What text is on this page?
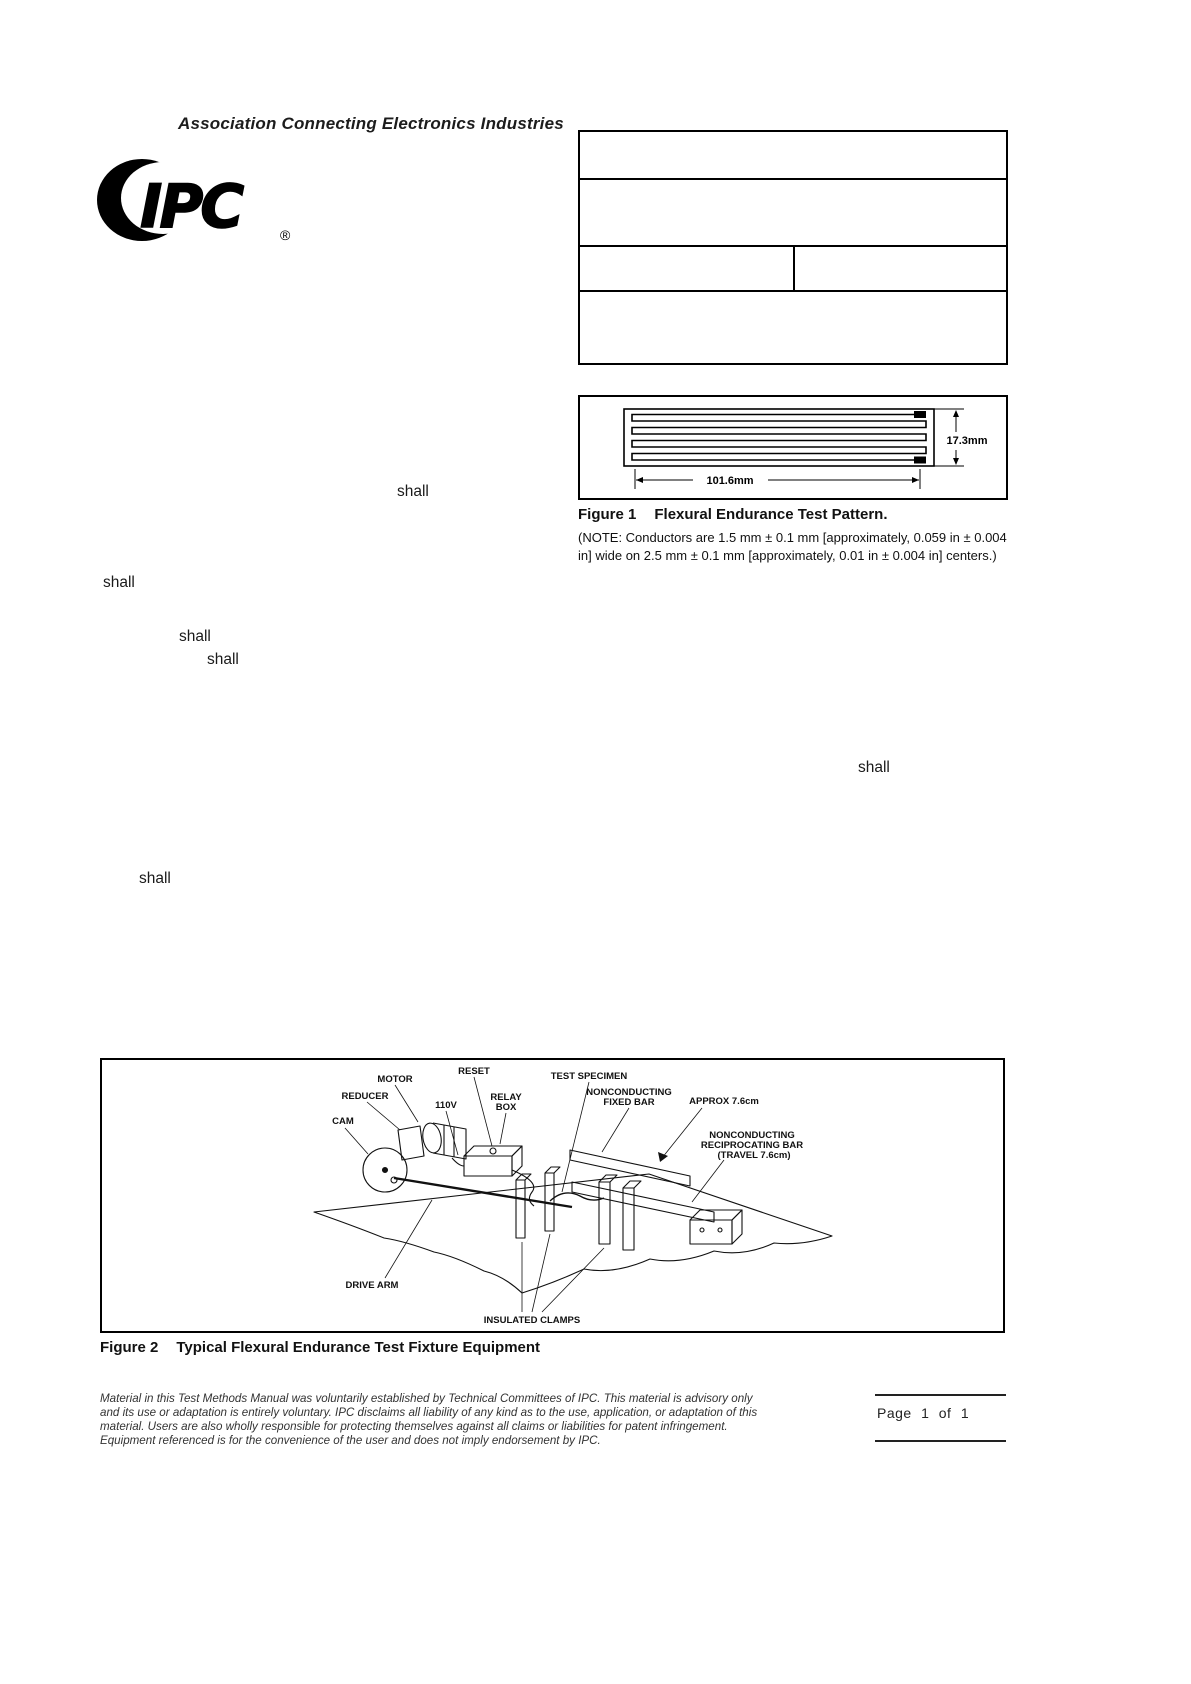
Association Connecting Electronics Industries
IPC	®
17.3mm
101.6mm
Figure 1 Flexural Endurance Test Pattern.
(NOTE: Conductors are 1.5 mm ± 0.1 mm [approximately, 0.059 in ± 0.004 in] wide on 2.5 mm ± 0.1 mm [approximately, 0.01 in ± 0.004 in] centers.)
shall
shall
shall
shall
shall
shall
MOTOR
RESET	TEST SPECIMEN
REDUCER
110V
RELAY
BOX
NONCONDUCTING
FIXED BAR	APPROX 7.6cm
CAM
NONCONDUCTING
RECIPROCATING BAR
(TRAVEL 7.6cm)
DRIVE ARM
INSULATED CLAMPS
Figure 2 Typical Flexural Endurance Test Fixture Equipment
Material in this Test Methods Manual was voluntarily established by Technical Committees of IPC. This material is advisory only and its use or adaptation is entirely voluntary. IPC disclaims all liability of any kind as to the use, application, or adaptation of this material. Users are also wholly responsible for protecting themselves against all claims or liabilities for patent infringement. Equipment referenced is for the convenience of the user and does not imply endorsement by IPC.
Page 1 of 1
